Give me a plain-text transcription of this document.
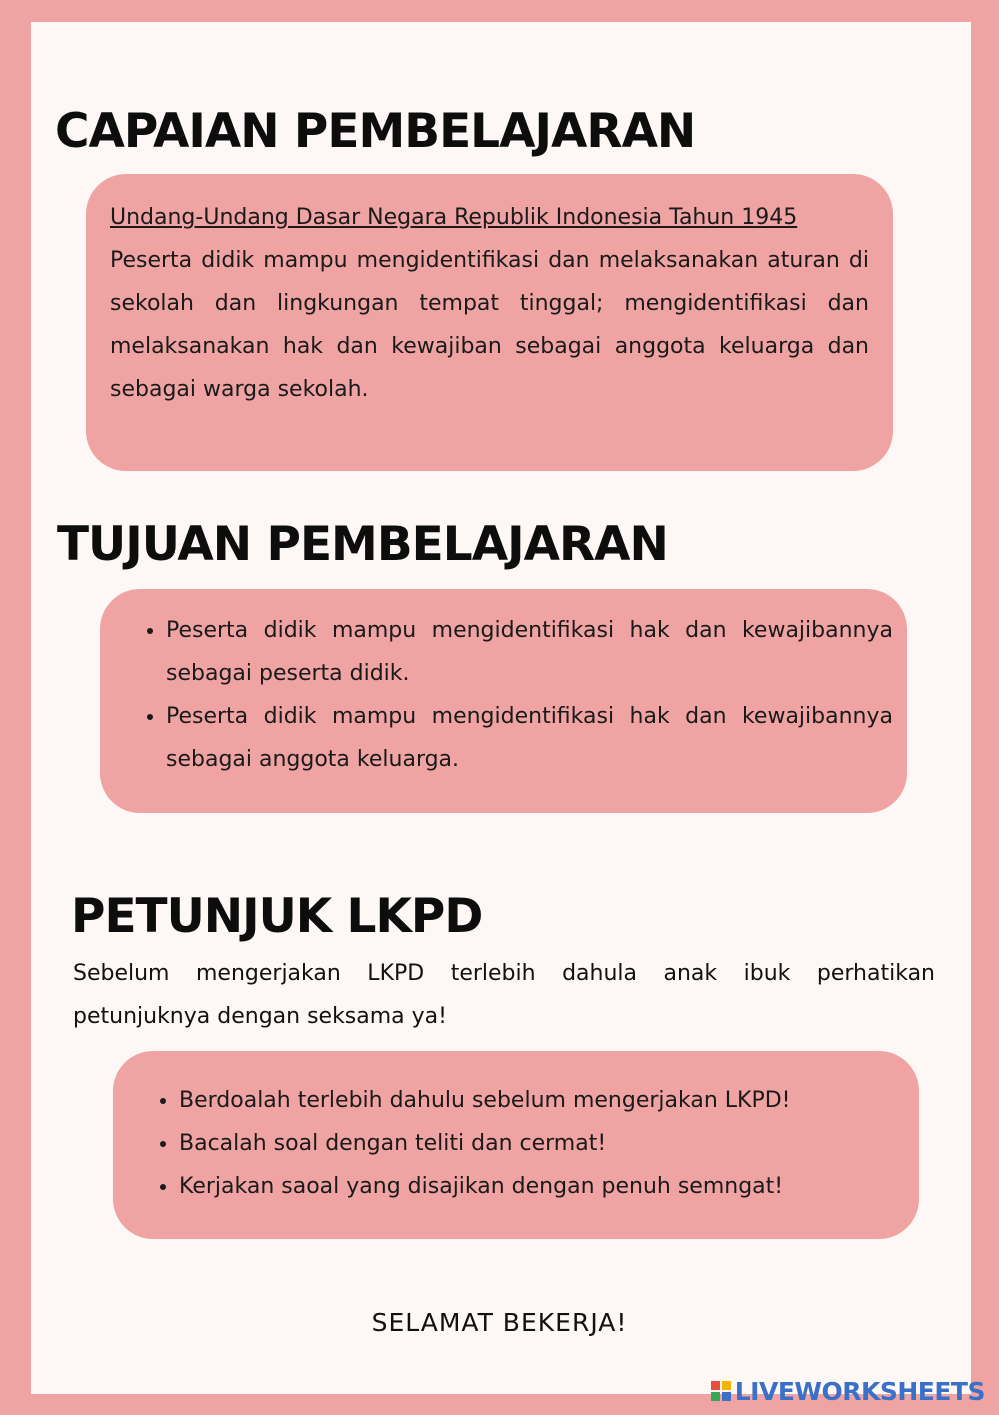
CAPAIAN PEMBELAJARAN

Undang-Undang Dasar Negara Republik Indonesia Tahun 1945
Peserta didik mampu mengidentifikasi dan melaksanakan aturan di sekolah dan lingkungan tempat tinggal; mengidentifikasi dan melaksanakan hak dan kewajiban sebagai anggota keluarga dan sebagai warga sekolah.

TUJUAN PEMBELAJARAN
• Peserta didik mampu mengidentifikasi hak dan kewajibannya sebagai peserta didik.
• Peserta didik mampu mengidentifikasi hak dan kewajibannya sebagai anggota keluarga.
PETUNJUK LKPD

Sebelum mengerjakan LKPD terlebih dahula anak ibuk perhatikan petunjuknya dengan seksama ya!

• Berdoalah terlebih dahulu sebelum mengerjakan LKPD!
• Bacalah soal dengan teliti dan cermat!
• Kerjakan saoal yang disajikan dengan penuh semngat!
SELAMAT BEKERJA!
LIVEWORKSHEETS
